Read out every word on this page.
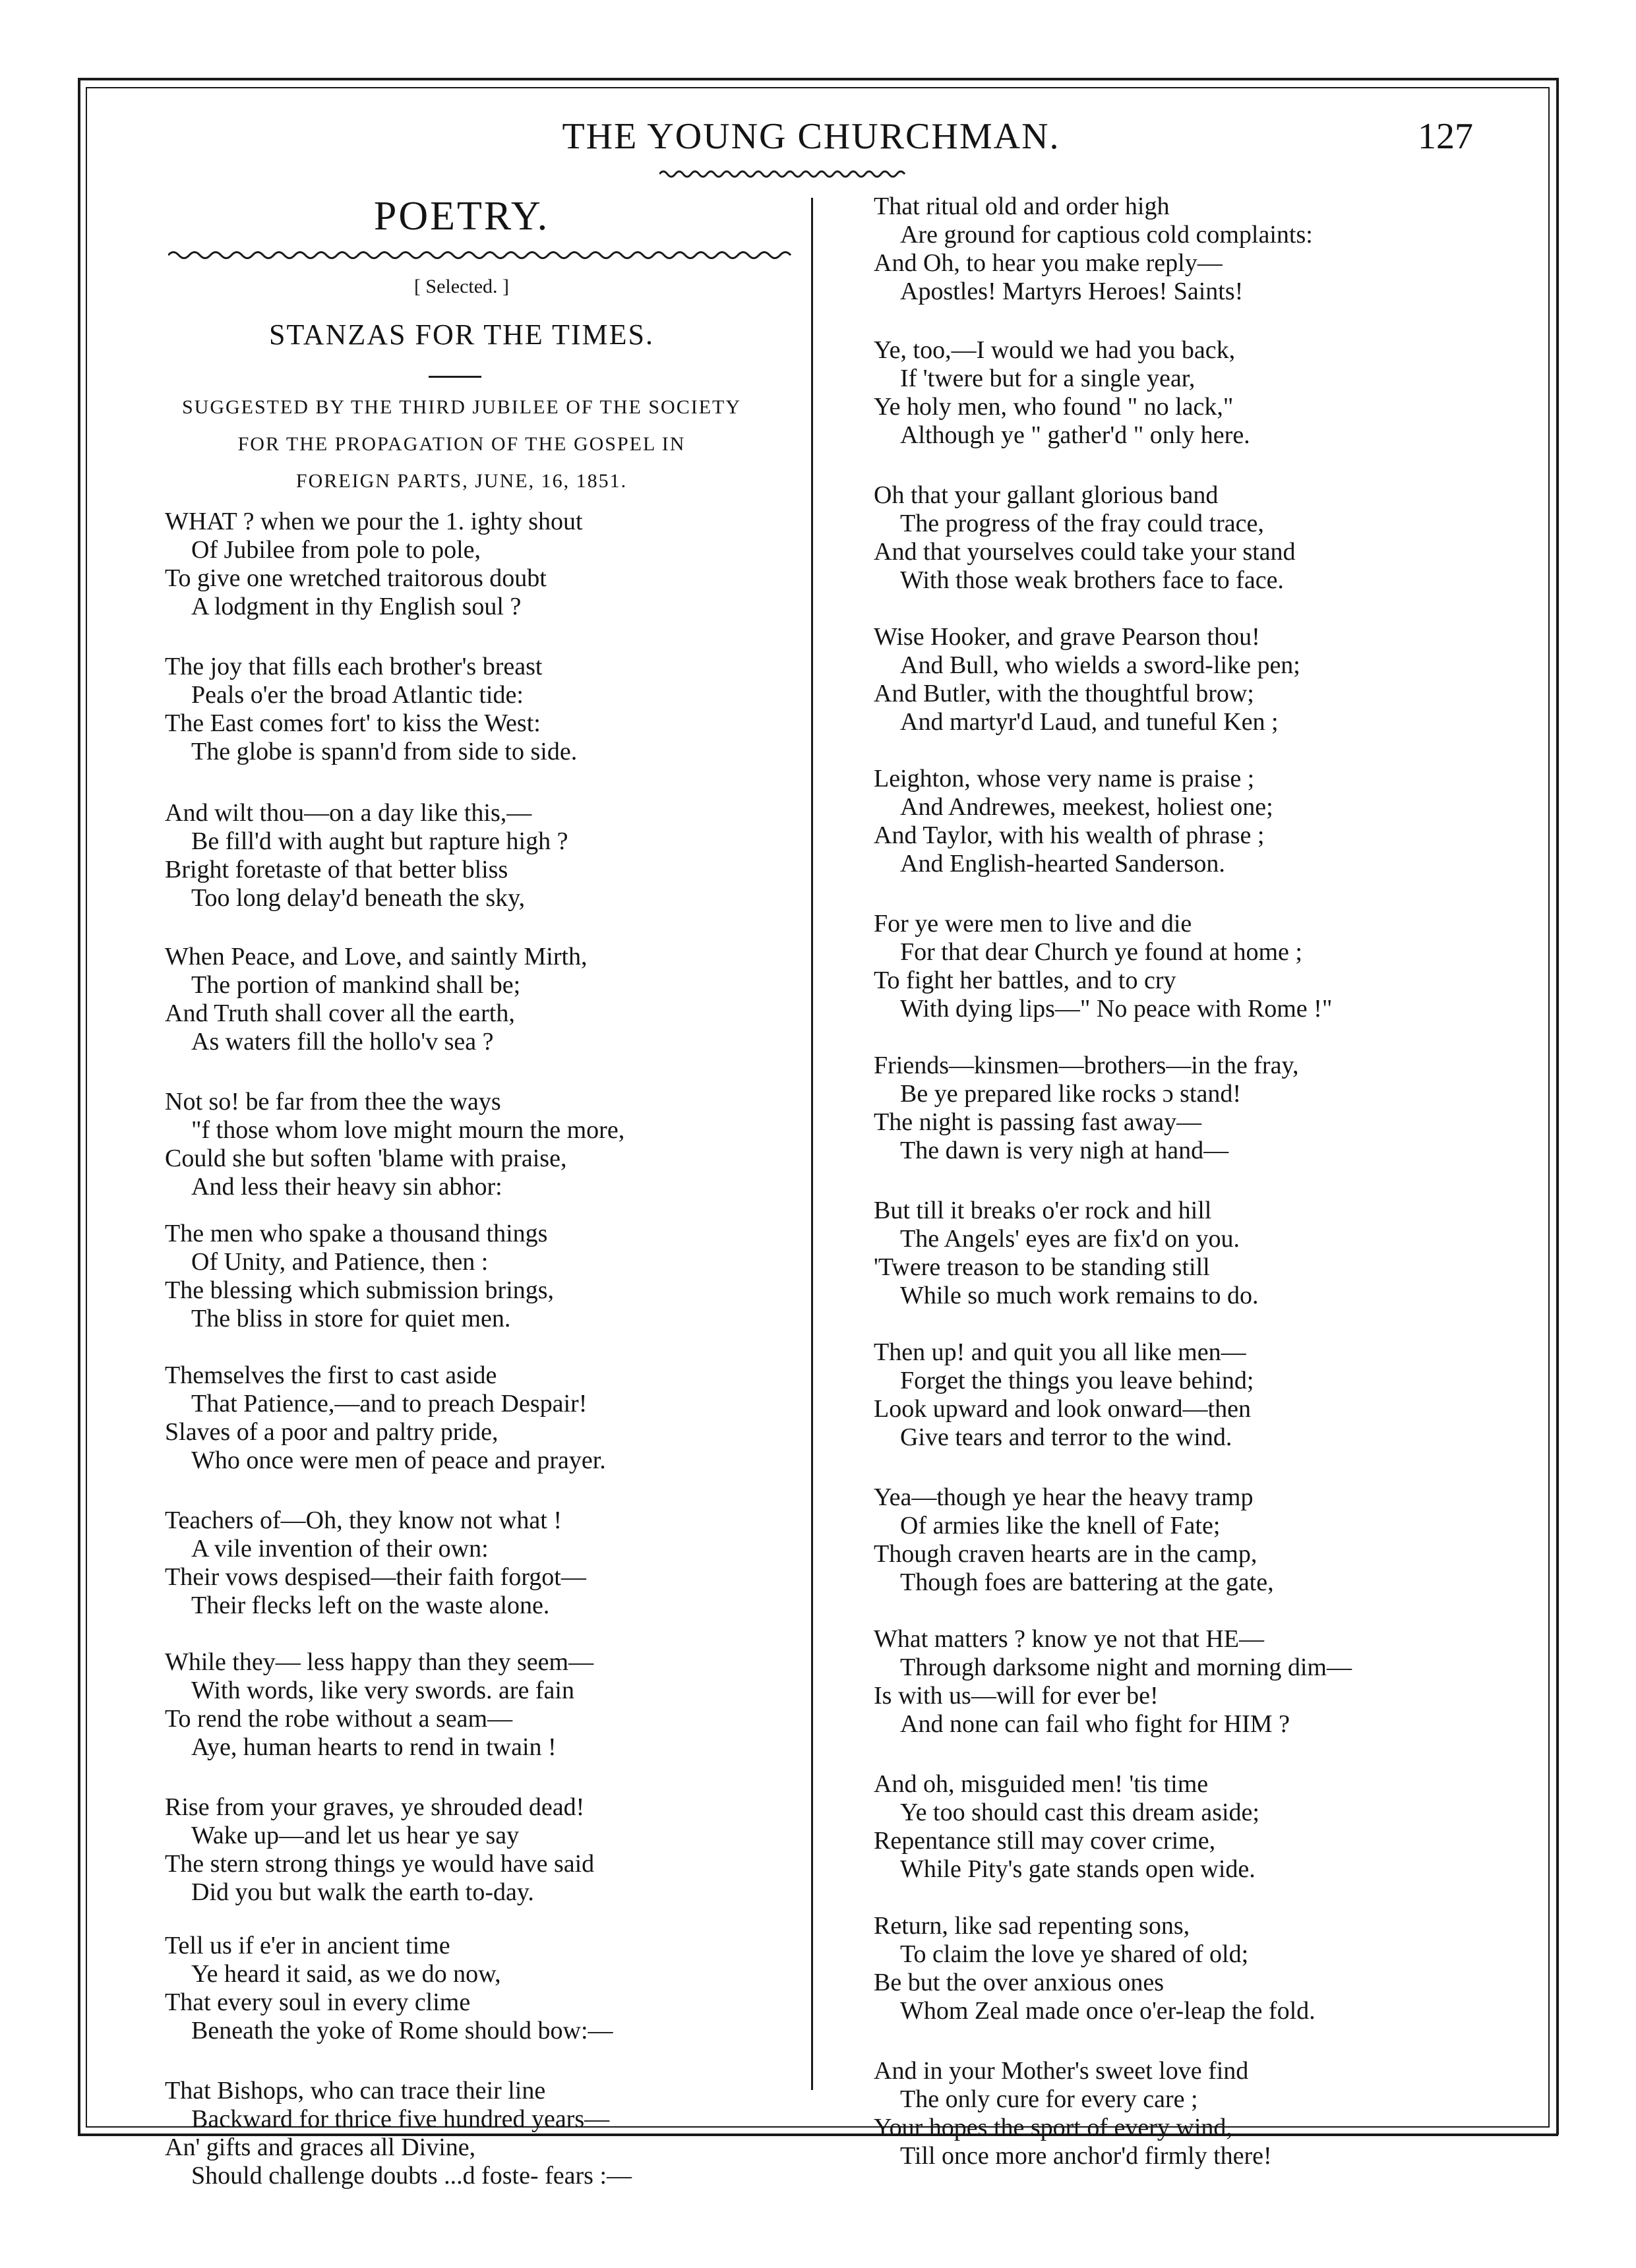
THE YOUNG CHURCHMAN.	127
POETRY.
[ Selected. ]
STANZAS FOR THE TIMES.
SUGGESTED BY THE THIRD JUBILEE OF THE SOCIETY
FOR THE PROPAGATION OF THE GOSPEL IN
FOREIGN PARTS, JUNE, 16, 1851.
WHAT ? when we pour the 1. ighty shout
Of Jubilee from pole to pole,
To give one wretched traitorous doubt
A lodgment in thy English soul ?
The joy that fills each brother's breast
Peals o'er the broad Atlantic tide:
The East comes fort' to kiss the West:
The globe is spann'd from side to side.
And wilt thou—on a day like this,—
Be fill'd with aught but rapture high ?
Bright foretaste of that better bliss
Too long delay'd beneath the sky,
When Peace, and Love, and saintly Mirth,
The portion of mankind shall be;
And Truth shall cover all the earth,
As waters fill the hollo'v sea ?
Not so! be far from thee the ways
"f those whom love might mourn the more,
Could she but soften 'blame with praise,
And less their heavy sin abhor:
The men who spake a thousand things
Of Unity, and Patience, then :
The blessing which submission brings,
The bliss in store for quiet men.
Themselves the first to cast aside
That Patience,—and to preach Despair!
Slaves of a poor and paltry pride,
Who once were men of peace and prayer.
Teachers of—Oh, they know not what !
A vile invention of their own:
Their vows despised—their faith forgot—
Their flecks left on the waste alone.
While they— less happy than they seem—
With words, like very swords. are fain
To rend the robe without a seam—
Aye, human hearts to rend in twain !
Rise from your graves, ye shrouded dead!
Wake up—and let us hear ye say
The stern strong things ye would have said
Did you but walk the earth to-day.
Tell us if e'er in ancient time
Ye heard it said, as we do now,
That every soul in every clime
Beneath the yoke of Rome should bow:—
That Bishops, who can trace their line
Backward for thrice five hundred years—
An' gifts and graces all Divine,
Should challenge doubts ...d foste- fears :—
That ritual old and order high
Are ground for captious cold complaints:
And Oh, to hear you make reply—
Apostles! Martyrs Heroes! Saints!
Ye, too,—I would we had you back,
If 'twere but for a single year,
Ye holy men, who found " no lack,"
Although ye " gather'd " only here.
Oh that your gallant glorious band
The progress of the fray could trace,
And that yourselves could take your stand
With those weak brothers face to face.
Wise Hooker, and grave Pearson thou!
And Bull, who wields a sword-like pen;
And Butler, with the thoughtful brow;
And martyr'd Laud, and tuneful Ken ;
Leighton, whose very name is praise ;
And Andrewes, meekest, holiest one;
And Taylor, with his wealth of phrase ;
And English-hearted Sanderson.
For ye were men to live and die
For that dear Church ye found at home ;
To fight her battles, and to cry
With dying lips—" No peace with Rome !"
Friends—kinsmen—brothers—in the fray,
Be ye prepared like rocks ɔ stand!
The night is passing fast away—
The dawn is very nigh at hand—
But till it breaks o'er rock and hill
The Angels' eyes are fix'd on you.
'Twere treason to be standing still
While so much work remains to do.
Then up! and quit you all like men—
Forget the things you leave behind;
Look upward and look onward—then
Give tears and terror to the wind.
Yea—though ye hear the heavy tramp
Of armies like the knell of Fate;
Though craven hearts are in the camp,
Though foes are battering at the gate,
What matters ? know ye not that HE—
Through darksome night and morning dim—
Is with us—will for ever be!
And none can fail who fight for HIM ?
And oh, misguided men! 'tis time
Ye too should cast this dream aside;
Repentance still may cover crime,
While Pity's gate stands open wide.
Return, like sad repenting sons,
To claim the love ye shared of old;
Be but the over anxious ones
Whom Zeal made once o'er-leap the fold.
And in your Mother's sweet love find
The only cure for every care ;
Your hopes the sport of every wind,
Till once more anchor'd firmly there!
